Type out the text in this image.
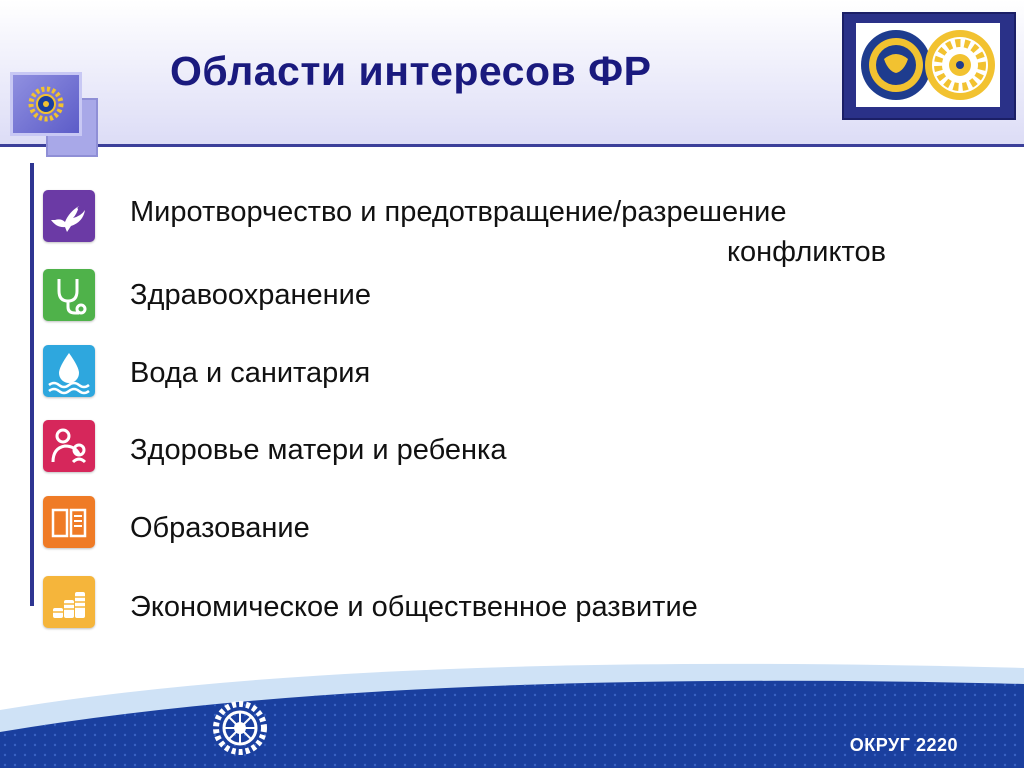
Области интересов ФР
Миротворчество и предотвращение/разрешение
конфликтов
Здравоохранение
Вода и санитария
Здоровье матери и ребенка
Образование
Экономическое и общественное развитие
ОКРУГ 2220
